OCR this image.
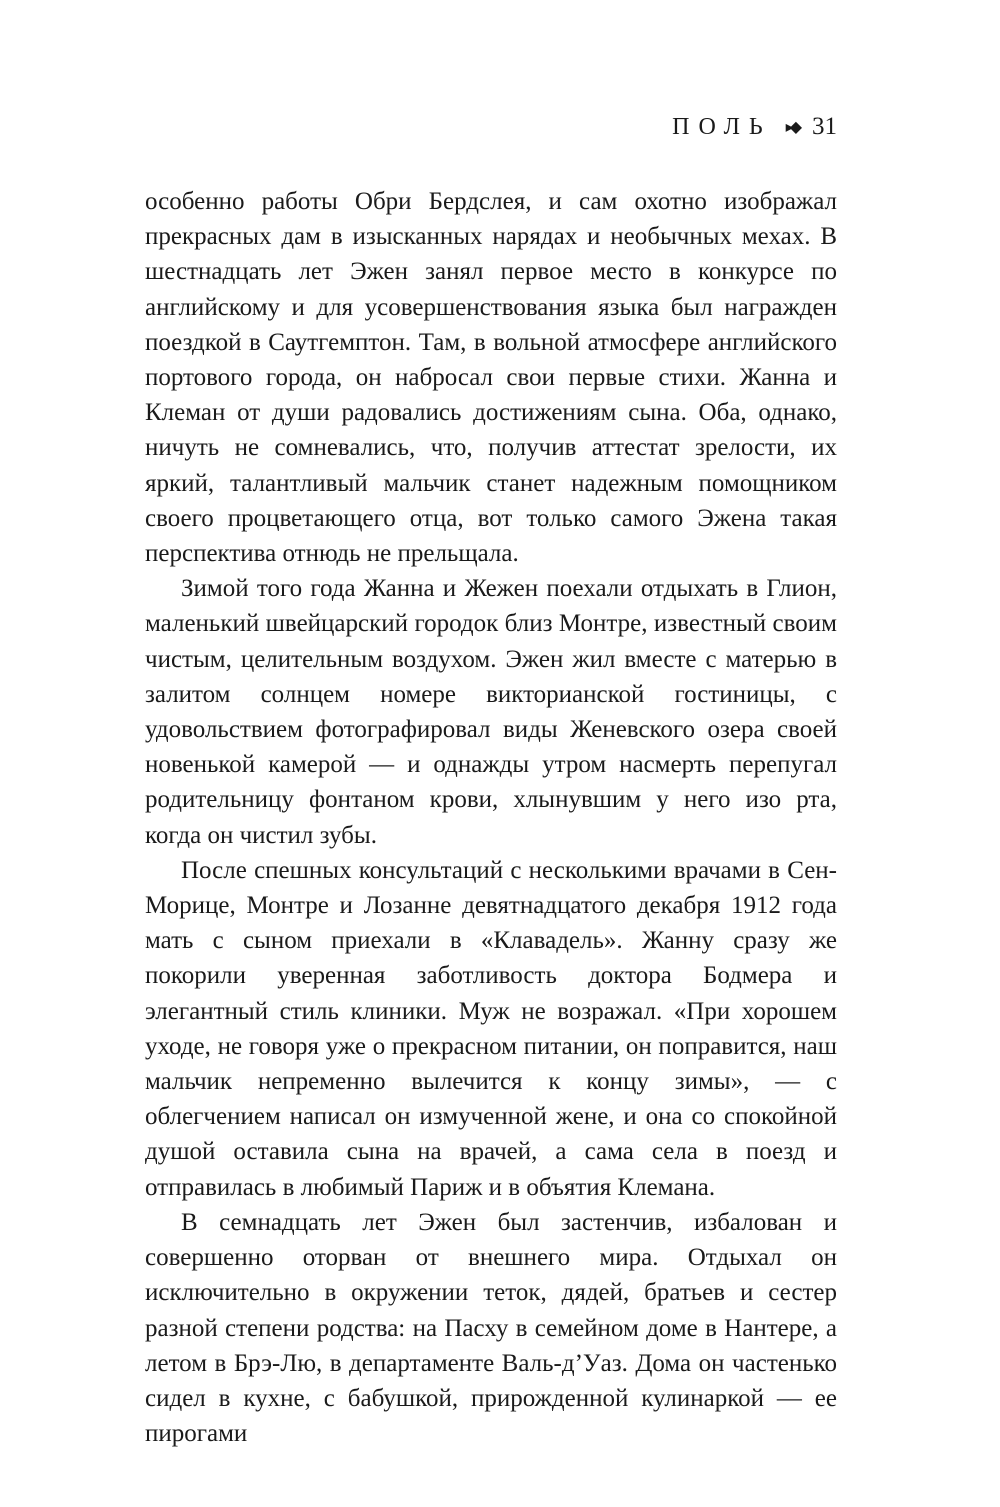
ПОЛЬ ▸◆ 31

особенно работы Обри Бердслея, и сам охотно изображал прекрасных дам в изысканных нарядах и необычных мехах. В шестнадцать лет Эжен занял первое место в конкурсе по английскому и для усовершенствования языка был награжден поездкой в Саутгемптон. Там, в вольной атмосфере английского портового города, он набросал свои первые стихи. Жанна и Клеман от души радовались достижениям сына. Оба, однако, ничуть не сомневались, что, получив аттестат зрелости, их яркий, талантливый мальчик станет надежным помощником своего процветающего отца, вот только самого Эжена такая перспектива отнюдь не прельщала.

Зимой того года Жанна и Жежен поехали отдыхать в Глион, маленький швейцарский городок близ Монтре, известный своим чистым, целительным воздухом. Эжен жил вместе с матерью в залитом солнцем номере викторианской гостиницы, с удовольствием фотографировал виды Женевского озера своей новенькой камерой — и однажды утром насмерть перепугал родительницу фонтаном крови, хлынувшим у него изо рта, когда он чистил зубы.

После спешных консультаций с несколькими врачами в Сен-Морице, Монтре и Лозанне девятнадцатого декабря 1912 года мать с сыном приехали в «Клавадель». Жанну сразу же покорили уверенная заботливость доктора Бодмера и элегантный стиль клиники. Муж не возражал. «При хорошем уходе, не говоря уже о прекрасном питании, он поправится, наш мальчик непременно вылечится к концу зимы», — с облегчением написал он измученной жене, и она со спокойной душой оставила сына на врачей, а сама села в поезд и отправилась в любимый Париж и в объятия Клемана.

В семнадцать лет Эжен был застенчив, избалован и совершенно оторван от внешнего мира. Отдыхал он исключительно в окружении теток, дядей, братьев и сестер разной степени родства: на Пасху в семейном доме в Нантере, а летом в Брэ-Лю, в департаменте Валь-д’Уаз. Дома он частенько сидел в кухне, с бабушкой, прирожденной кулинаркой — ее пирогами
